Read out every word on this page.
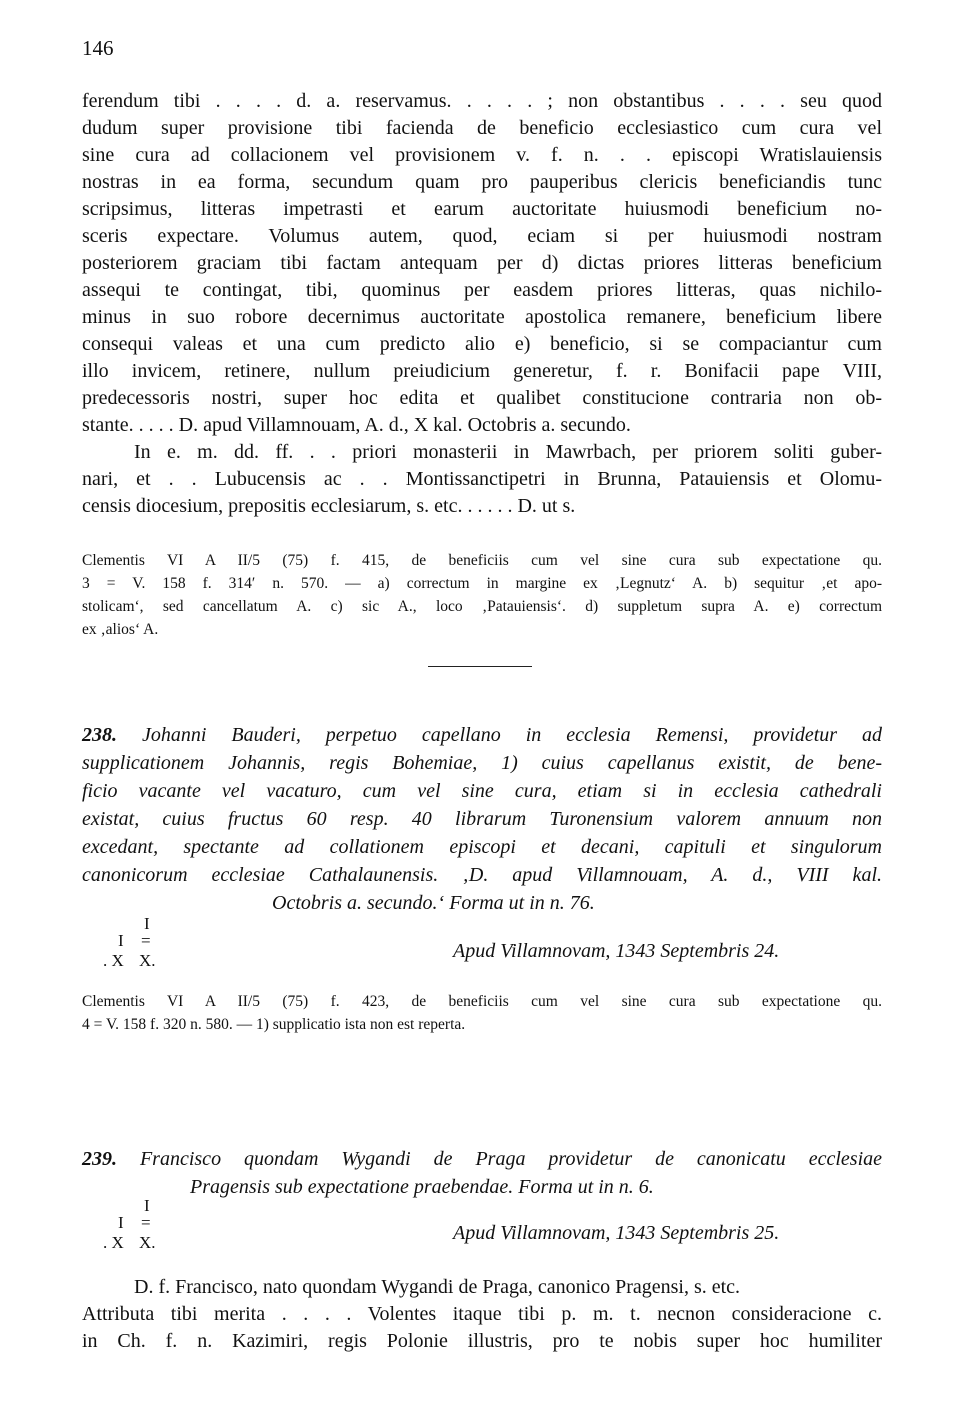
146
ferendum tibi . . . . d. a. reservamus. . . . . ; non obstantibus . . . . seu quod
dudum super provisione tibi facienda de beneficio ecclesiastico cum cura vel
sine cura ad collacionem vel provisionem v. f. n. . . episcopi Wratislauiensis
nostras in ea forma, secundum quam pro pauperibus clericis beneficiandis tunc
scripsimus, litteras impetrasti et earum auctoritate huiusmodi beneficium no-
sceris expectare. Volumus autem, quod, eciam si per huiusmodi nostram
posteriorem graciam tibi factam antequam per d) dictas priores litteras beneficium
assequi te contingat, tibi, quominus per easdem priores litteras, quas nichilo-
minus in suo robore decernimus auctoritate apostolica remanere, beneficium libere
consequi valeas et una cum predicto alio e) beneficio, si se compaciantur cum
illo invicem, retinere, nullum preiudicium generetur, f. r. Bonifacii pape VIII,
predecessoris nostri, super hoc edita et qualibet constitucione contraria non ob-
stante. . . . . D. apud Villamnouam, A. d., X kal. Octobris a. secundo.
In e. m. dd. ff. . . priori monasterii in Mawrbach, per priorem soliti guber-
nari, et . . Lubucensis ac . . Montissanctipetri in Brunna, Patauiensis et Olomu-
censis diocesium, prepositis ecclesiarum, s. etc. . . . . . D. ut s.
Clementis VI A II/5 (75) f. 415, de beneficiis cum vel sine cura sub expectatione qu.
3 = V. 158 f. 314′ n. 570. — a) correctum in margine ex ‚Legnutz‘ A. b) sequitur ‚et apo-
stolicam‘, sed cancellatum A. c) sic A., loco ‚Patauiensis‘. d) suppletum supra A. e) correctum
ex ‚alios‘ A.
238. Johanni Bauderi, perpetuo capellano in ecclesia Remensi, providetur ad
supplicationem Johannis, regis Bohemiae, 1) cuius capellanus existit, de bene-
ficio vacante vel vacaturo, cum vel sine cura, etiam si in ecclesia cathedrali
existat, cuius fructus 60 resp. 40 librarum Turonensium valorem annuum non
excedant, spectante ad collationem episcopi et decani, capituli et singulorum
canonicorum ecclesiae Cathalaunensis. ‚D. apud Villamnouam, A. d., VIII kal.
Octobris a. secundo.‘ Forma ut in n. 76.
I
I =
. X X.	Apud Villamnovam, 1343 Septembris 24.
Clementis VI A II/5 (75) f. 423, de beneficiis cum vel sine cura sub expectatione qu.
4 = V. 158 f. 320 n. 580. — 1) supplicatio ista non est reperta.
239. Francisco quondam Wygandi de Praga providetur de canonicatu ecclesiae
Pragensis sub expectatione praebendae. Forma ut in n. 6.
I
I =
. X X.	Apud Villamnovam, 1343 Septembris 25.
D. f. Francisco, nato quondam Wygandi de Praga, canonico Pragensi, s. etc.
Attributa tibi merita . . . . Volentes itaque tibi p. m. t. necnon consideracione c.
in Ch. f. n. Kazimiri, regis Polonie illustris, pro te nobis super hoc humiliter
